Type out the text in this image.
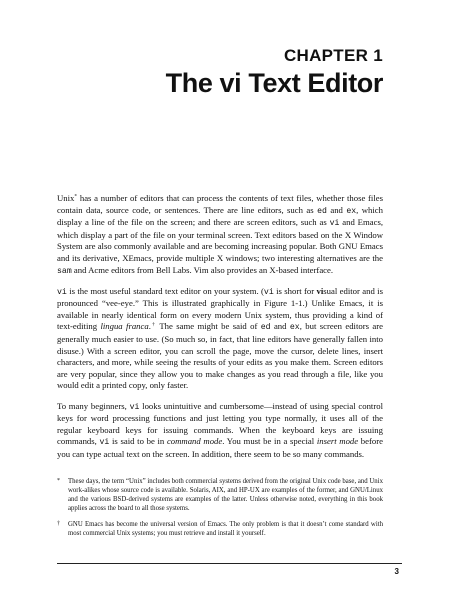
CHAPTER 1
The vi Text Editor

Unix* has a number of editors that can process the contents of text files, whether those files contain data, source code, or sentences. There are line editors, such as ed and ex, which display a line of the file on the screen; and there are screen editors, such as vi and Emacs, which display a part of the file on your terminal screen. Text editors based on the X Window System are also commonly available and are becoming increasing popular. Both GNU Emacs and its derivative, XEmacs, provide multiple X windows; two interesting alternatives are the sam and Acme editors from Bell Labs. Vim also provides an X-based interface.

vi is the most useful standard text editor on your system. (vi is short for visual editor and is pronounced “vee-eye.” This is illustrated graphically in Figure 1-1.) Unlike Emacs, it is available in nearly identical form on every modern Unix system, thus providing a kind of text-editing lingua franca.† The same might be said of ed and ex, but screen editors are generally much easier to use. (So much so, in fact, that line editors have generally fallen into disuse.) With a screen editor, you can scroll the page, move the cursor, delete lines, insert characters, and more, while seeing the results of your edits as you make them. Screen editors are very popular, since they allow you to make changes as you read through a file, like you would edit a printed copy, only faster.

To many beginners, vi looks unintuitive and cumbersome—instead of using special control keys for word processing functions and just letting you type normally, it uses all of the regular keyboard keys for issuing commands. When the keyboard keys are issuing commands, vi is said to be in command mode. You must be in a special insert mode before you can type actual text on the screen. In addition, there seem to be so many commands.

* These days, the term “Unix” includes both commercial systems derived from the original Unix code base, and Unix work-alikes whose source code is available. Solaris, AIX, and HP-UX are examples of the former, and GNU/Linux and the various BSD-derived systems are examples of the latter. Unless otherwise noted, everything in this book applies across the board to all those systems.
† GNU Emacs has become the universal version of Emacs. The only problem is that it doesn’t come standard with most commercial Unix systems; you must retrieve and install it yourself.
3
